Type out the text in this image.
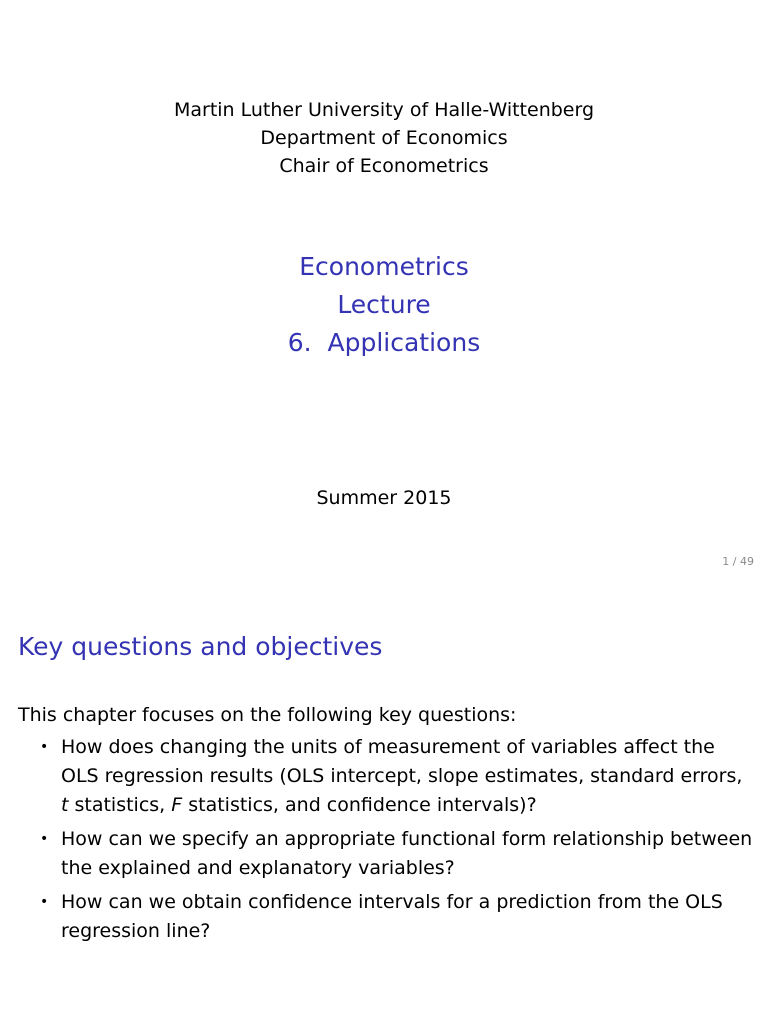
Martin Luther University of Halle-Wittenberg
Department of Economics
Chair of Econometrics
Econometrics
Lecture
6.  Applications
Summer 2015
1 / 49
Key questions and objectives
This chapter focuses on the following key questions:
• How does changing the units of measurement of variables affect the
OLS regression results (OLS intercept, slope estimates, standard errors,
t statistics, F statistics, and confidence intervals)?
• How can we specify an appropriate functional form relationship between
the explained and explanatory variables?
• How can we obtain confidence intervals for a prediction from the OLS
regression line?
